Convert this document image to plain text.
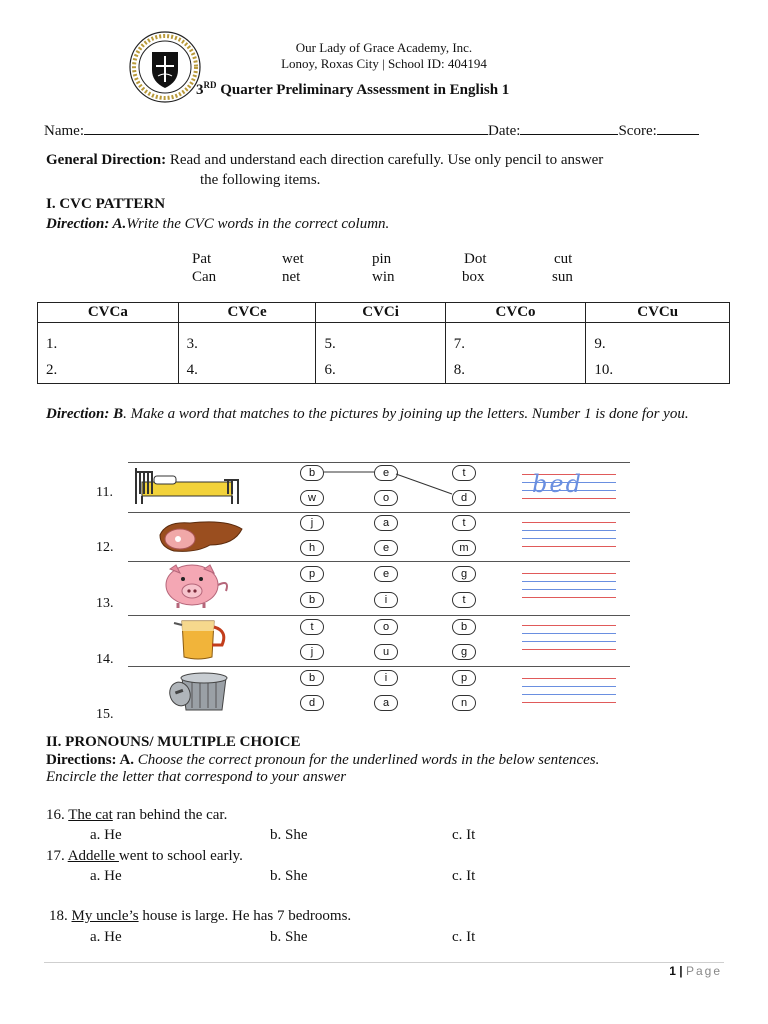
Our Lady of Grace Academy, Inc.
Lonoy, Roxas City | School ID: 404194
3RD Quarter Preliminary Assessment in English 1
Name:	Date:	Score:
General Direction: Read and understand each direction carefully. Use only pencil to answer
the following items.
I. CVC PATTERN
Direction: A.Write the CVC words in the correct column.
Pat	wet	pin	Dot	cut
Can	net	win	box	sun
CVCa	CVCe	CVCi	CVCo	CVCu
1.	3.	5.	7.	9.
2.	4.	6.	8.	10.
Direction: B. Make a word that matches to the pictures by joining up the letters. Number 1 is done for you.
11.
12.
13.
14.
15.
b	e	t
w	o	d
j	a	t
h	e	m
p	e	g
b	i	t
t	o	b
j	u	g
b	i	p
d	a	n
bed
II. PRONOUNS/ MULTIPLE CHOICE
Directions: A. Choose the correct pronoun for the underlined words in the below sentences.
Encircle the letter that correspond to your answer
16. The cat ran behind the car.
a. He	b. She	c. It
17. Addelle went to school early.
a. He	b. She	c. It
18. My uncle’s house is large. He has 7 bedrooms.
a. He	b. She	c. It
1 | Page
